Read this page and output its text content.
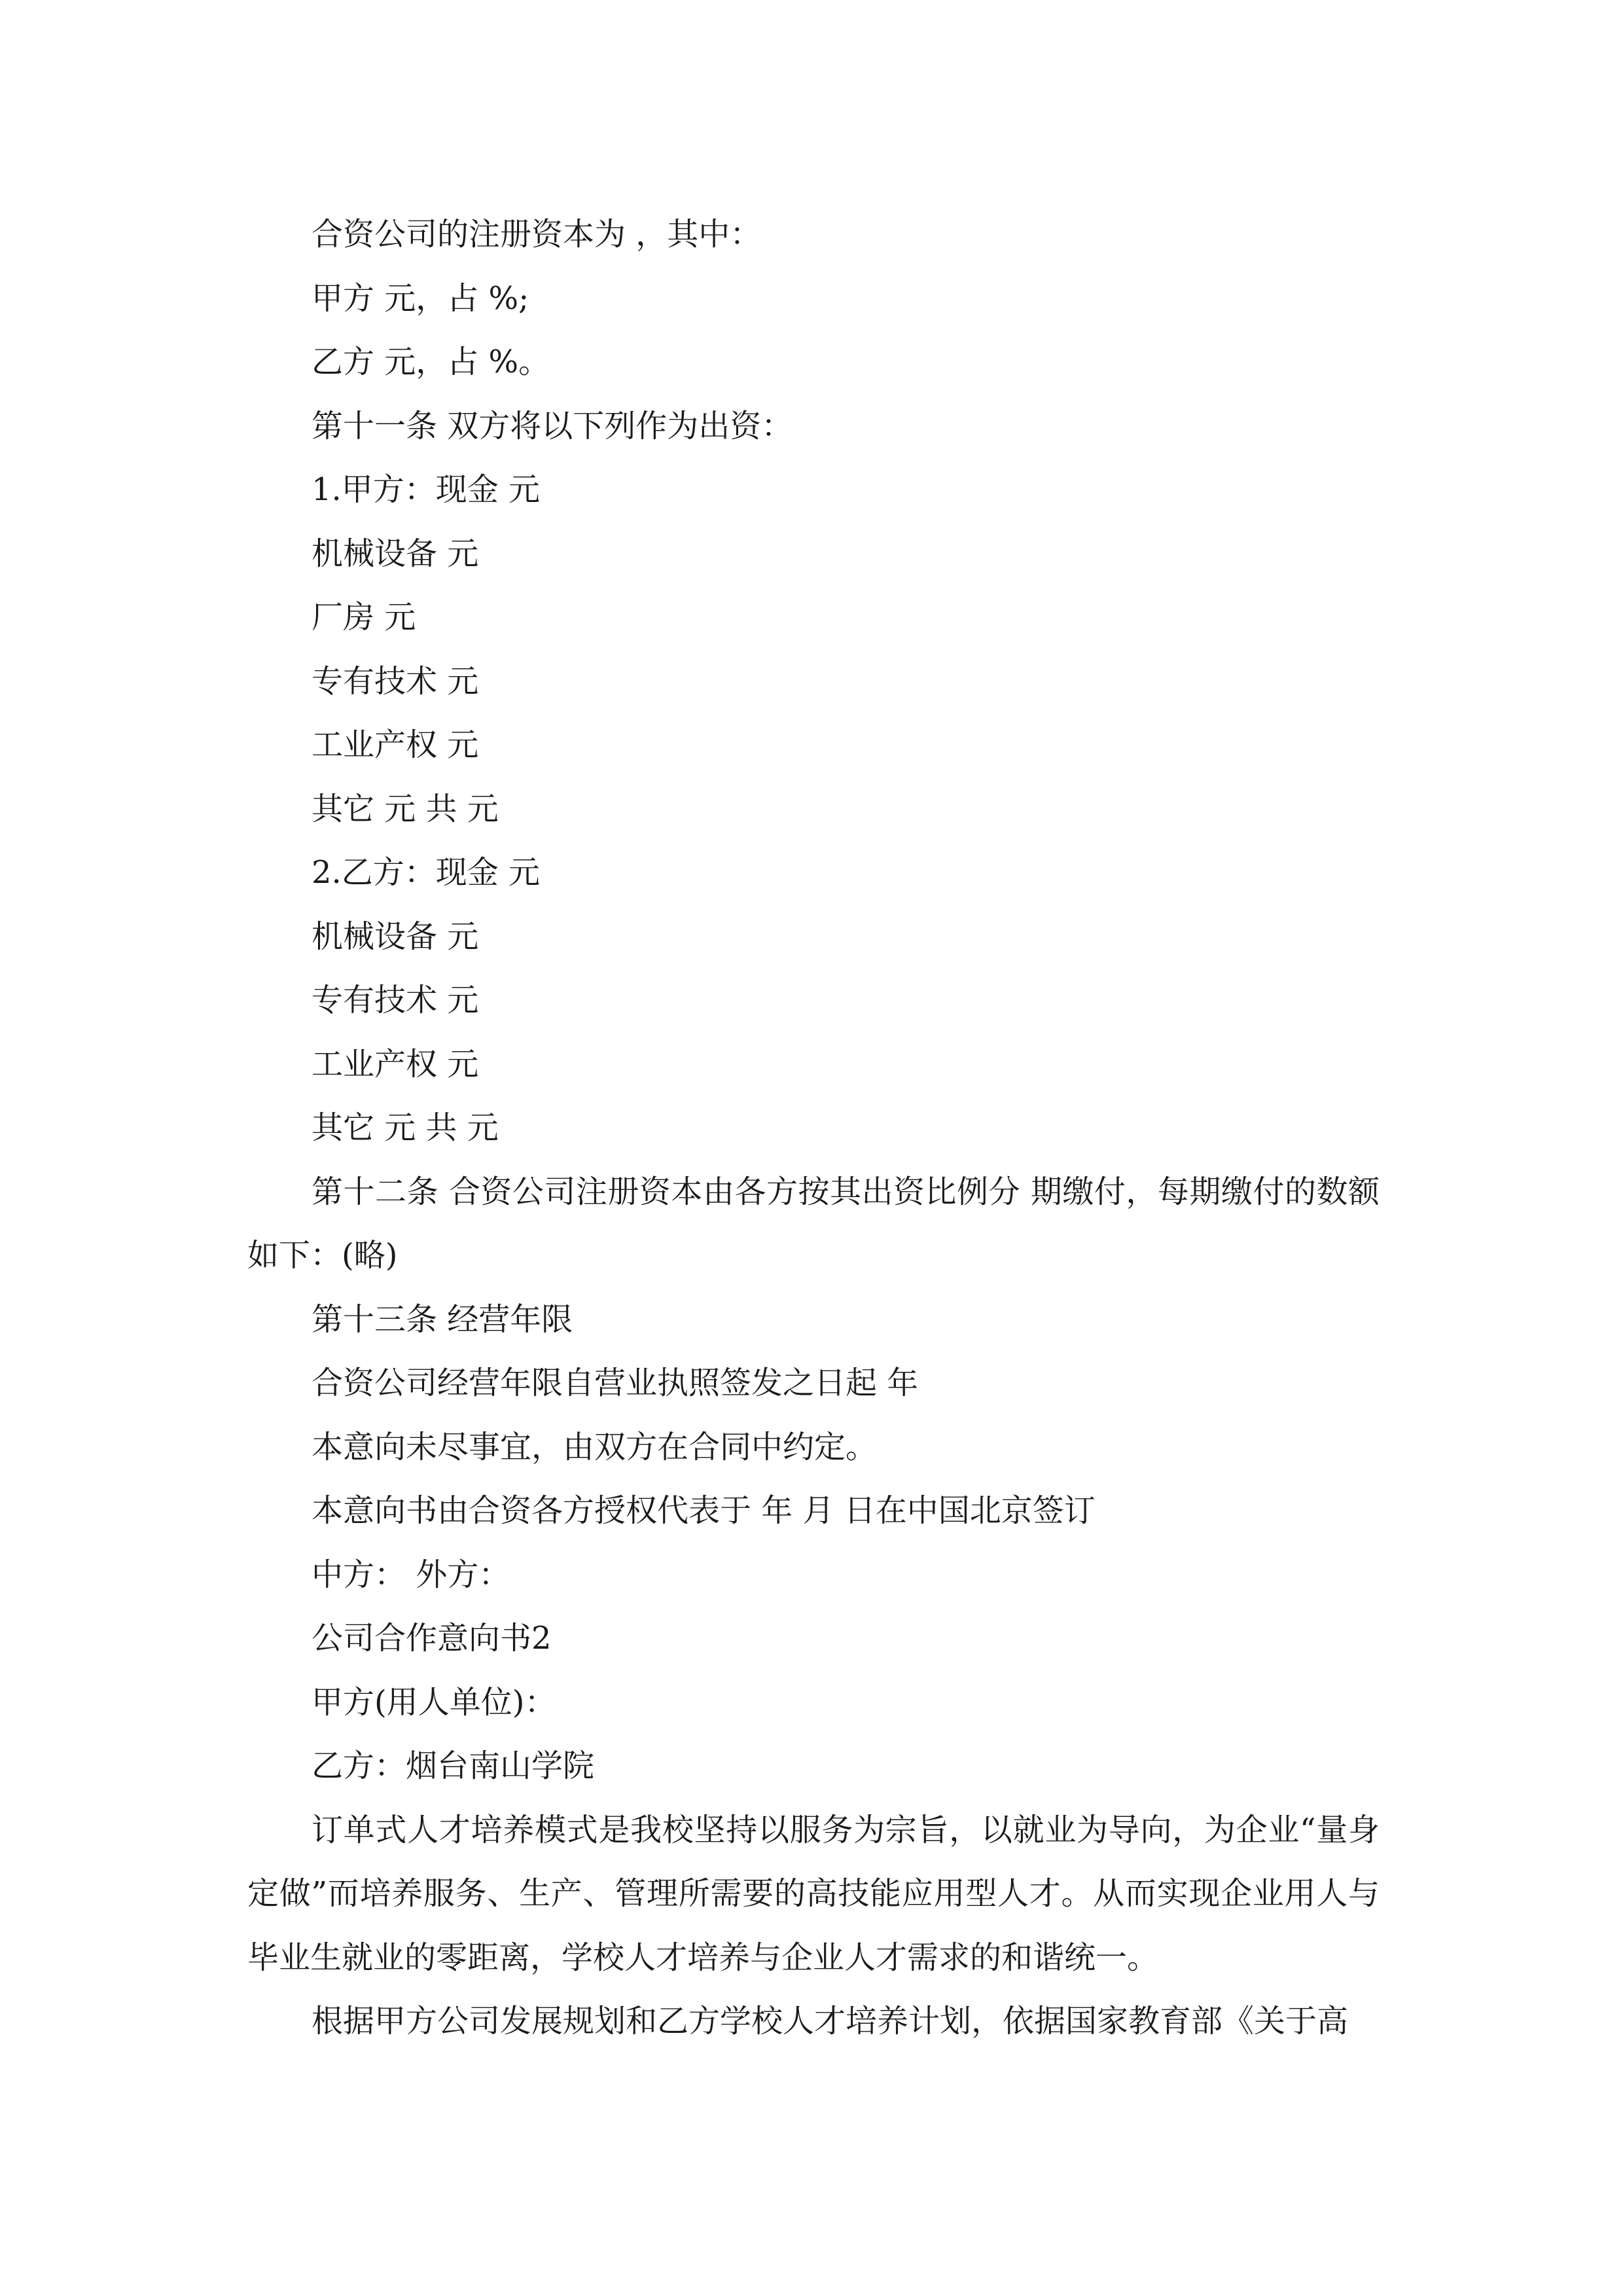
合资公司的注册资本为 ，其中：
甲方 元，占 %;
乙方 元，占 %。
第十一条 双方将以下列作为出资：
1.甲方：现金 元
机械设备 元
厂房 元
专有技术 元
工业产权 元
其它 元 共 元
2.乙方：现金 元
机械设备 元
专有技术 元
工业产权 元
其它 元 共 元

第十二条 合资公司注册资本由各方按其出资比例分 期缴付，每期缴付的数额如下：(略)

第十三条 经营年限
合资公司经营年限自营业执照签发之日起 年
本意向未尽事宜，由双方在合同中约定。
本意向书由合资各方授权代表于 年 月 日在中国北京签订
中方： 外方：
公司合作意向书2
甲方(用人单位)：
乙方：烟台南山学院

订单式人才培养模式是我校坚持以服务为宗旨，以就业为导向，为企业“量身定做”而培养服务、生产、管理所需要的高技能应用型人才。从而实现企业用人与毕业生就业的零距离，学校人才培养与企业人才需求的和谐统一。

根据甲方公司发展规划和乙方学校人才培养计划，依据国家教育部《关于高
